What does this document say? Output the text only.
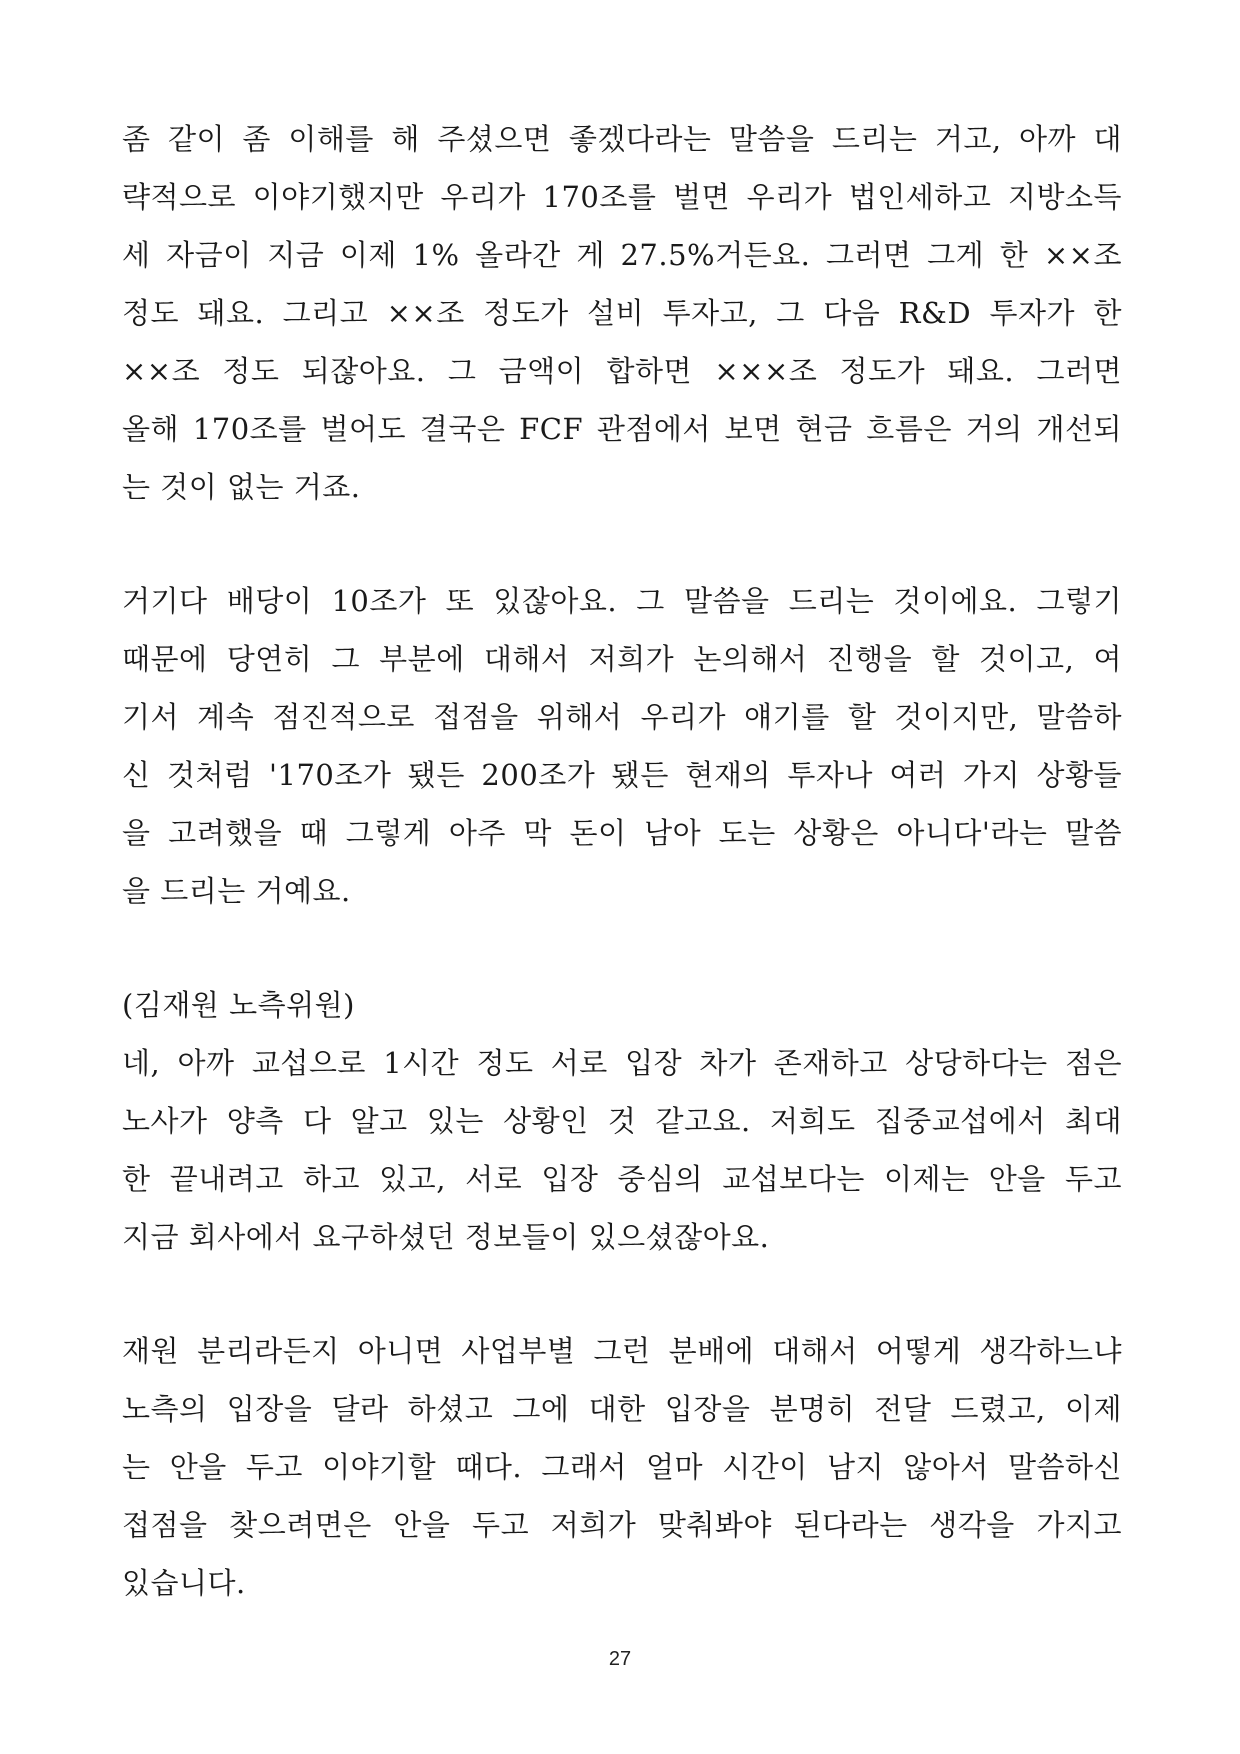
좀 같이 좀 이해를 해 주셨으면 좋겠다라는 말씀을 드리는 거고, 아까 대
략적으로 이야기했지만 우리가 170조를 벌면 우리가 법인세하고 지방소득
세 자금이 지금 이제 1% 올라간 게 27.5%거든요. 그러면 그게 한 ××조
정도 돼요. 그리고 ××조 정도가 설비 투자고, 그 다음 R&D 투자가 한
××조 정도 되잖아요. 그 금액이 합하면 ×××조 정도가 돼요. 그러면
올해 170조를 벌어도 결국은 FCF 관점에서 보면 현금 흐름은 거의 개선되
는 것이 없는 거죠.
거기다 배당이 10조가 또 있잖아요. 그 말씀을 드리는 것이에요. 그렇기
때문에 당연히 그 부분에 대해서 저희가 논의해서 진행을 할 것이고, 여
기서 계속 점진적으로 접점을 위해서 우리가 얘기를 할 것이지만, 말씀하
신 것처럼 '170조가 됐든 200조가 됐든 현재의 투자나 여러 가지 상황들
을 고려했을 때 그렇게 아주 막 돈이 남아 도는 상황은 아니다'라는 말씀
을 드리는 거예요.
(김재원 노측위원)
네, 아까 교섭으로 1시간 정도 서로 입장 차가 존재하고 상당하다는 점은
노사가 양측 다 알고 있는 상황인 것 같고요. 저희도 집중교섭에서 최대
한 끝내려고 하고 있고, 서로 입장 중심의 교섭보다는 이제는 안을 두고
지금 회사에서 요구하셨던 정보들이 있으셨잖아요.
재원 분리라든지 아니면 사업부별 그런 분배에 대해서 어떻게 생각하느냐
노측의 입장을 달라 하셨고 그에 대한 입장을 분명히 전달 드렸고, 이제
는 안을 두고 이야기할 때다. 그래서 얼마 시간이 남지 않아서 말씀하신
접점을 찾으려면은 안을 두고 저희가 맞춰봐야 된다라는 생각을 가지고
있습니다.
27
